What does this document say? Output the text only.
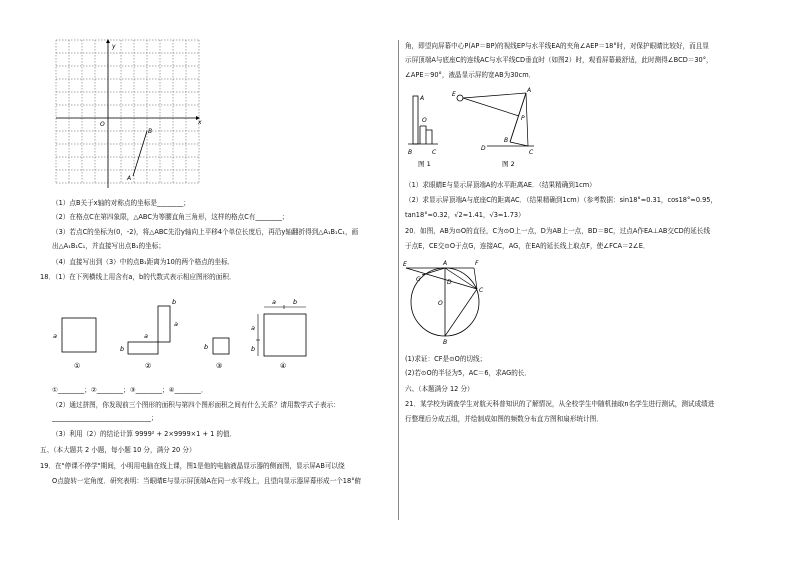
y
x
O
B
A
（1）点B关于x轴的对称点的坐标是________；
（2）在格点C在第四象限，△ABC为等腰直角三角形，这样的格点C有________；
（3）若点C的坐标为(0，-2)，将△ABC先沿y轴向上平移4个单位长度后，再沿y轴翻折得到△A₁B₁C₁，画
出△A₁B₁C₁，并直接写出点B₁的坐标；
（4）直接写出到（3）中的点B₁距离为10的两个格点的坐标．
18．（1）在下列横线上用含有a，b的代数式表示相应图形的面积．
a
b
a
b
a
b
a	b
a
b
①	②	③	④
①________；②________；③________；④________．
（2）通过拼图，你发现前三个图形的面积与第四个图形面积之间有什么关系？请用数学式子表示：
______________________________；
（3）利用（2）的结论计算 9999² + 2×9999×1 + 1 的值．
五、（本大题共 2 小题，每小题 10 分，满分 20 分）
19．在"停课不停学"期间，小明用电脑在线上课，图1是他的电脑液晶显示器的侧面图，显示屏AB可以绕
O点旋转一定角度．研究表明：当眼睛E与显示屏顶端A在同一水平线上，且望向显示器屏幕形成一个18°俯
角，即望向屏幕中心P(AP＝BP)的视线EP与水平线EA的夹角∠AEP＝18°时，对保护眼睛比较好，而且显
示屏顶端A与底座C的连线AC与水平线CD垂直时（如图2）时，观看屏幕最舒适，此时测得∠BCD＝30°，
∠APE＝90°，液晶显示屏的宽AB为30cm．
A
O
B	C
图 1
E
A
P
B
D
C
图 2
（1）求眼睛E与显示屏顶端A的水平距离AE．（结果精确到1cm）
（2）求显示屏顶端A与底座C的距离AC．（结果精确到1cm）（参考数据：sin18°≈0.31，cos18°≈0.95，
tan18°≈0.32，√2≈1.41，√3≈1.73）
20．如图，AB为⊙O的直径，C为⊙O上一点，D为AB上一点，BD＝BC，过点A作EA⊥AB交CD的延长线
于点E，CE交⊙O于点G，连接AC，AG，在EA的延长线上取点F，使∠FCA＝2∠E．
E	A	F
G	D
O
C
B
(1)求证：CF是⊙O的切线；
(2)若⊙O的半径为5，AC＝6，求AG的长．
六、（本题满分 12 分）
21．某学校为调查学生对航天科普知识的了解情况，从全校学生中随机抽取n名学生进行测试，测试成绩进
行整理后分成五组，并绘制成如图的频数分布直方图和扇形统计图．
